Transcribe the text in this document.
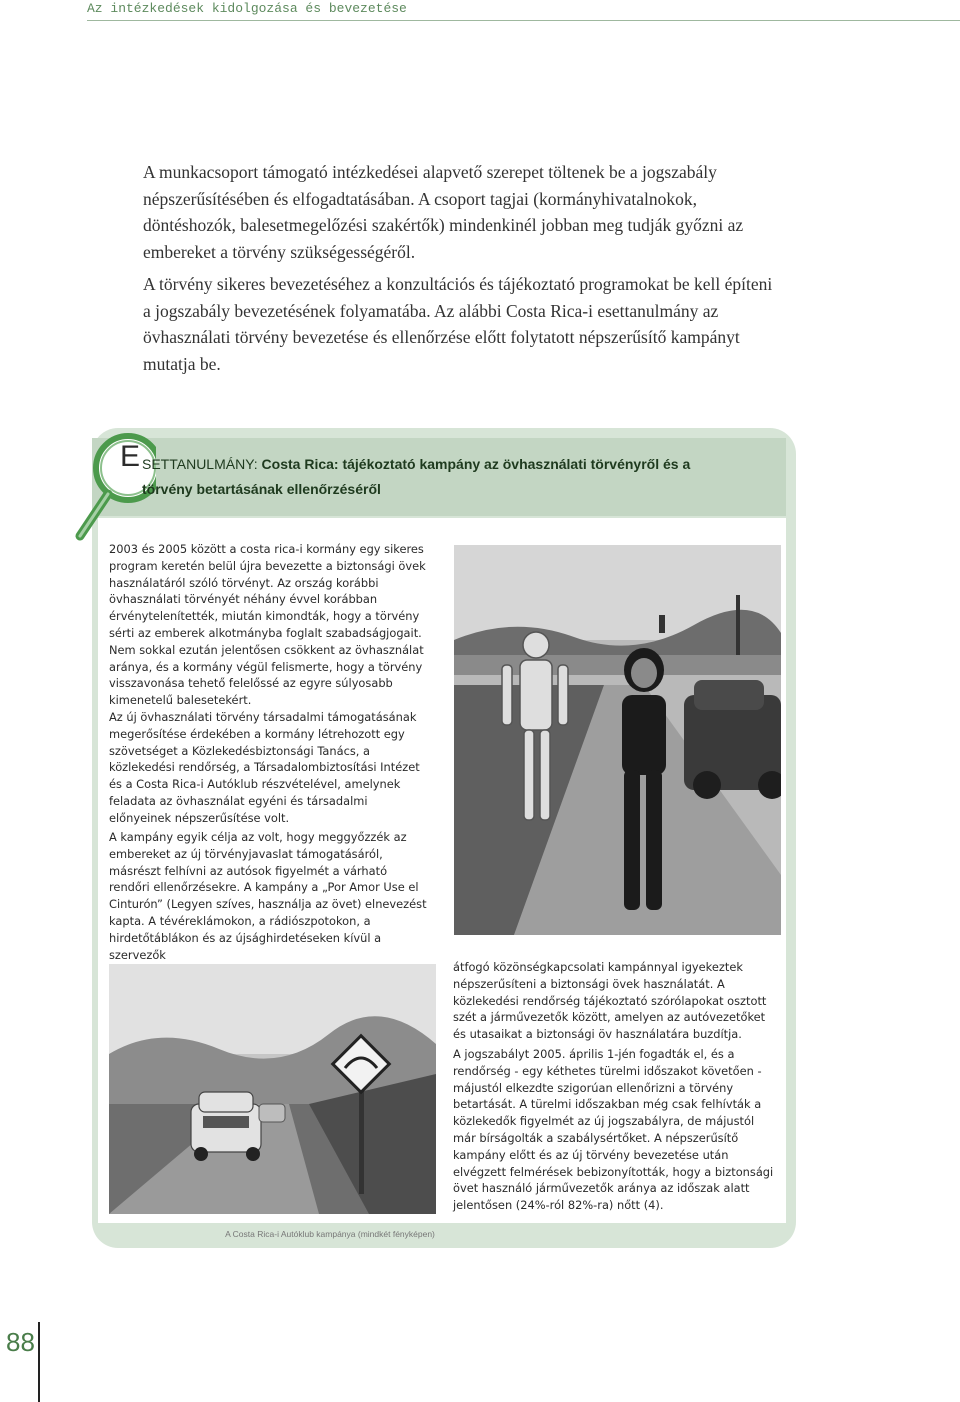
Az intézkedések kidolgozása és bevezetése

A munkacsoport támogató intézkedései alapvető szerepet töltenek be a jogszabály népszerűsítésében és elfogadtatásában. A csoport tagjai (kormányhivatalnokok, döntéshozók, balesetmegelőzési szakértők) mindenkinél jobban meg tudják győzni az embereket a törvény szükségességéről.

A törvény sikeres bevezetéséhez a konzultációs és tájékoztató programokat be kell építeni a jogszabály bevezetésének folyamatába. Az alábbi Costa Rica-i esettanulmány az övhasználati törvény bevezetése és ellenőrzése előtt folytatott népszerűsítő kampányt mutatja be.

E SETTANULMÁNY: Costa Rica: tájékoztató kampány az övhasználati törvényről és a törvény betartásának ellenőrzéséről

2003 és 2005 között a costa rica-i kormány egy sikeres program keretén belül újra bevezette a biztonsági övek használatáról szóló törvényt. Az ország korábbi övhasználati törvényét néhány évvel korábban érvénytelenítették, miután kimondták, hogy a törvény sérti az emberek alkotmányba foglalt szabadságjogait. Nem sokkal ezután jelentősen csökkent az övhasználat aránya, és a kormány végül felismerte, hogy a törvény visszavonása tehető felelőssé az egyre súlyosabb kimenetelű balesetekért.

Az új övhasználati törvény társadalmi támogatásának megerősítése érdekében a kormány létrehozott egy szövetséget a Közlekedésbiztonsági Tanács, a közlekedési rendőrség, a Társadalombiztosítási Intézet és a Costa Rica-i Autóklub részvételével, amelynek feladata az övhasználat egyéni és társadalmi előnyeinek népszerűsítése volt.

A kampány egyik célja az volt, hogy meggyőzzék az embereket az új törvényjavaslat támogatásáról, másrészt felhívni az autósok figyelmét a várható rendőri ellenőrzésekre. A kampány a „Por Amor Use el Cinturón” (Legyen szíves, használja az övet) elnevezést kapta. A tévéreklámokon, a rádiószpotokon, a hirdetőtáblákon és az újsághirdetéseken kívül a szervezők

átfogó közönségkapcsolati kampánnyal igyekeztek népszerűsíteni a biztonsági övek használatát. A közlekedési rendőrség tájékoztató szórólapokat osztott szét a járművezetők között, amelyen az autóvezetőket és utasaikat a biztonsági öv használatára buzdítja.

A jogszabályt 2005. április 1-jén fogadták el, és a rendőrség - egy kéthetes türelmi időszakot követően - májustól elkezdte szigorúan ellenőrizni a törvény betartását. A türelmi időszakban még csak felhívták a közlekedők figyelmét az új jogszabályra, de májustól már bírságolták a szabálysértőket. A népszerűsítő kampány előtt és az új törvény bevezetése után elvégzett felmérések bebizonyították, hogy a biztonsági övet használó járművezetők aránya az időszak alatt jelentősen (24%-ról 82%-ra) nőtt (4).

A Costa Rica-i Autóklub kampánya (mindkét fényképen)
88
